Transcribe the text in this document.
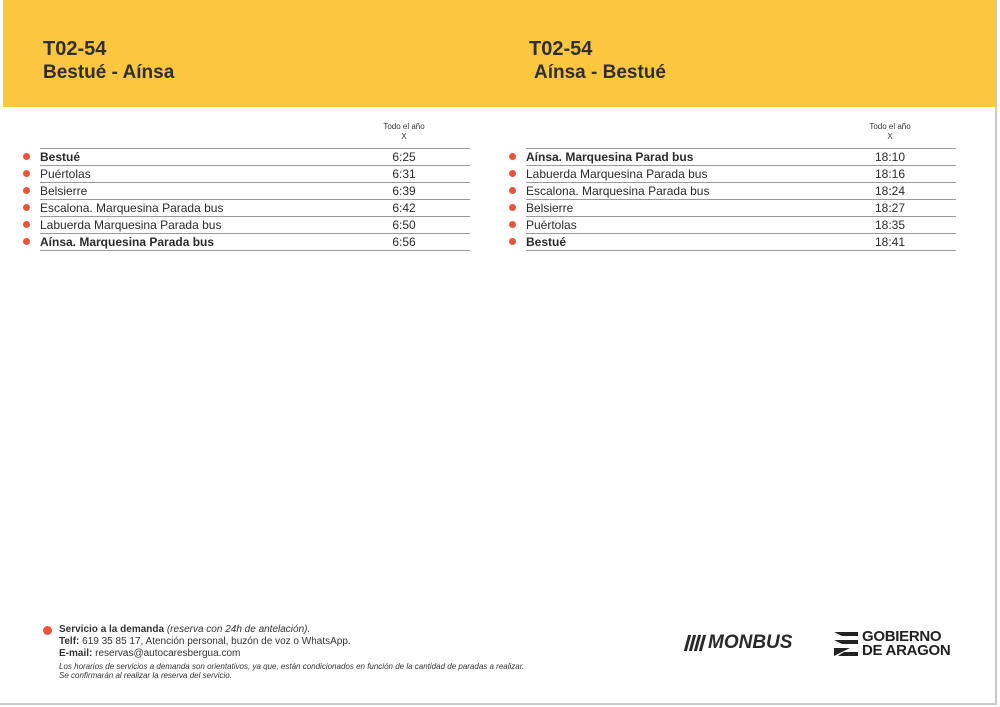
T02-54
Bestué - Aínsa
T02-54
Aínsa - Bestué
Todo el año
X
Bestué	6:25
Puértolas	6:31
Belsierre	6:39
Escalona. Marquesina Parada bus	6:42
Labuerda Marquesina Parada bus	6:50
Aínsa. Marquesina Parada bus	6:56
Todo el año
X
Aínsa. Marquesina Parad bus	18:10
Labuerda Marquesina Parada bus	18:16
Escalona. Marquesina Parada bus	18:24
Belsierre	18:27
Puértolas	18:35
Bestué	18:41
Servicio a la demanda (reserva con 24h de antelación).
Telf: 619 35 85 17, Atención personal, buzón de voz o WhatsApp.
E-mail: reservas@autocaresbergua.com
Los horarios de servicios a demanda son orientativos, ya que, están condicionados en función de la cantidad de paradas a realizar.
Se confirmarán al realizar la reserva del servicio.
MONBUS	GOBIERNO
DE ARAGON
